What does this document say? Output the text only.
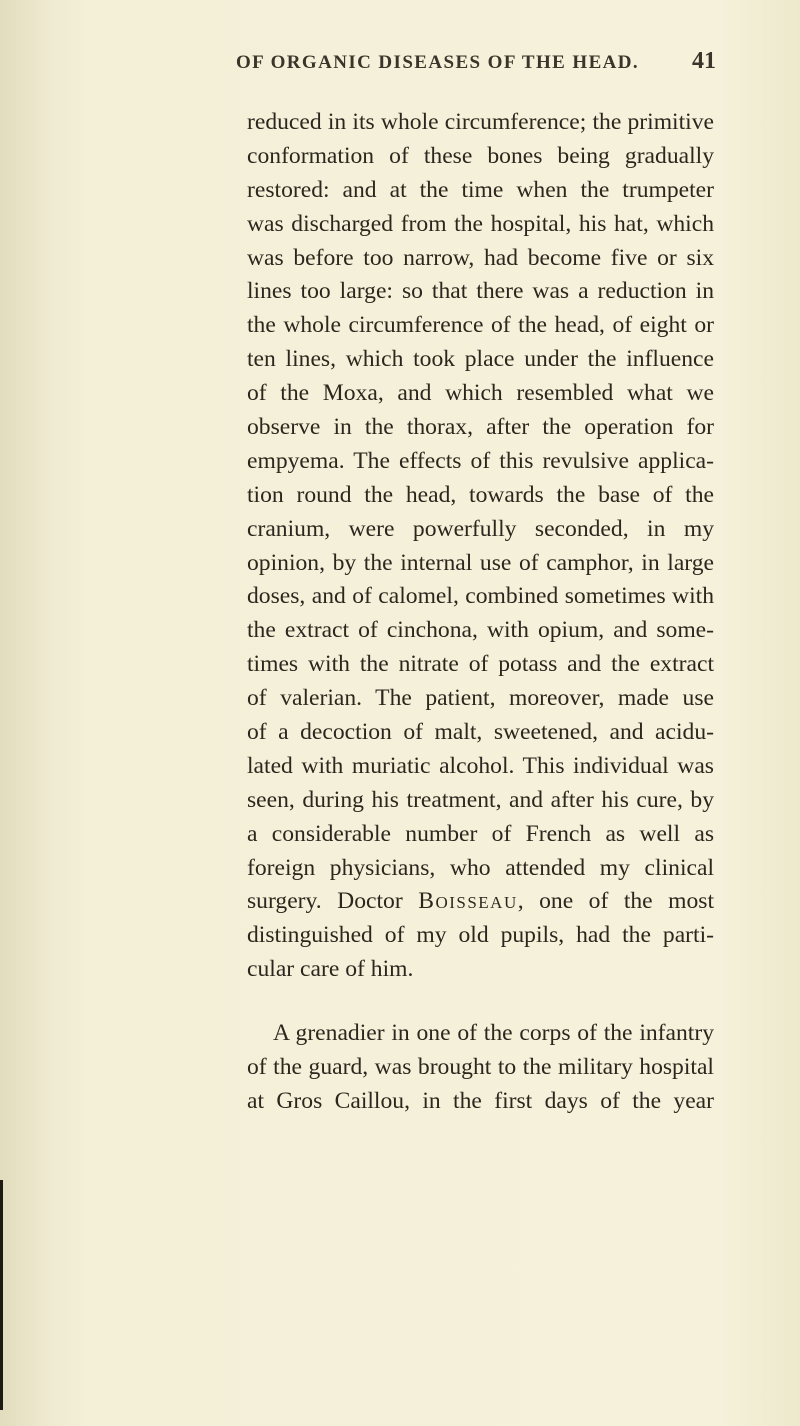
OF ORGANIC DISEASES OF THE HEAD. 41
reduced in its whole circumference; the primitive
conformation of these bones being gradually
restored: and at the time when the trumpeter
was discharged from the hospital, his hat, which
was before too narrow, had become five or six
lines too large: so that there was a reduction in
the whole circumference of the head, of eight or
ten lines, which took place under the influence
of the Moxa, and which resembled what we
observe in the thorax, after the operation for
empyema. The effects of this revulsive applica-
tion round the head, towards the base of the
cranium, were powerfully seconded, in my
opinion, by the internal use of camphor, in large
doses, and of calomel, combined sometimes with
the extract of cinchona, with opium, and some-
times with the nitrate of potass and the extract
of valerian. The patient, moreover, made use
of a decoction of malt, sweetened, and acidu-
lated with muriatic alcohol. This individual was
seen, during his treatment, and after his cure, by
a considerable number of French as well as
foreign physicians, who attended my clinical
surgery. Doctor Boisseau, one of the most
distinguished of my old pupils, had the parti-
cular care of him.
A grenadier in one of the corps of the infantry
of the guard, was brought to the military hospital
at Gros Caillou, in the first days of the year
